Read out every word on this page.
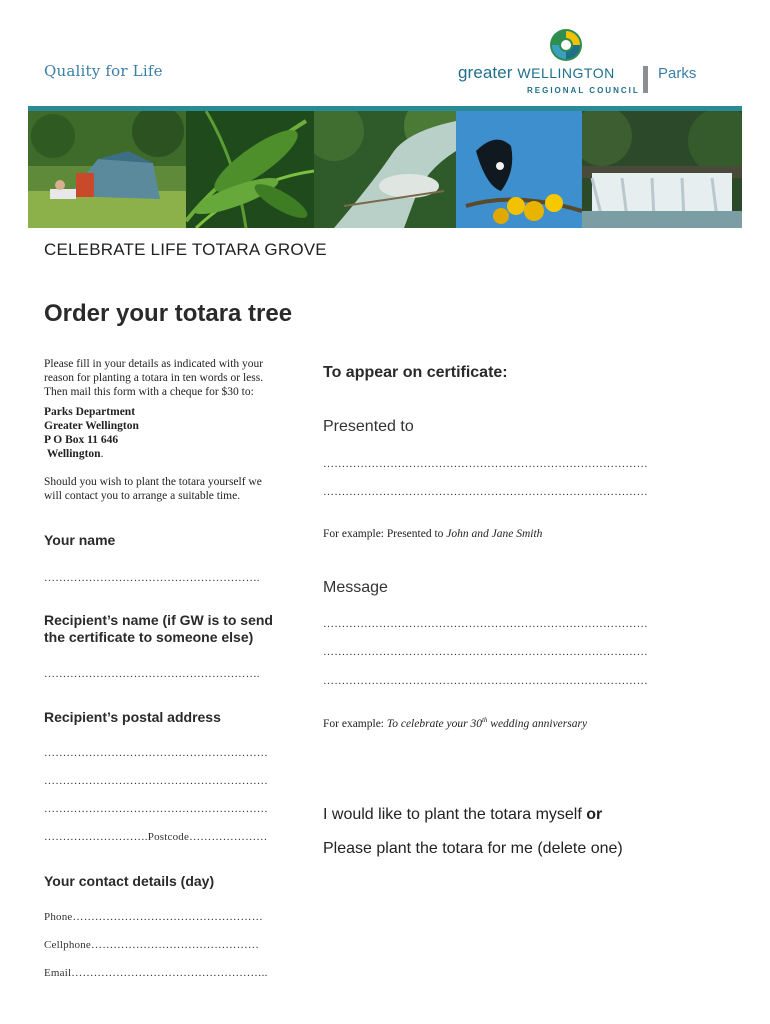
Quality for Life	greater WELLINGTON
REGIONAL COUNCIL
Parks
CELEBRATE LIFE TOTARA GROVE
Order your totara tree
Please fill in your details as indicated with your
reason for planting a totara in ten words or less.
Then mail this form with a cheque for $30 to:
Parks Department
Greater Wellington
P O Box 11 646
Wellington.
Should you wish to plant the totara yourself we
will contact you to arrange a suitable time.
Your name
………………………………………………….
Recipient’s name (if GW is to send
the certificate to someone else)
………………………………………………….
Recipient’s postal address
……………………………………………………
……………………………………………………
……………………………………………………
……………………….Postcode…………………
Your contact details (day)
Phone……………………………………………
Cellphone………………………………………
Email……………………………………………..
To appear on certificate:
Presented to
……………………………………………………………………………
……………………………………………………………………………
For example: Presented to John and Jane Smith
Message
……………………………………………………………………………
……………………………………………………………………………
……………………………………………………………………………
For example: To celebrate your 30th wedding anniversary
I would like to plant the totara myself or
Please plant the totara for me (delete one)
